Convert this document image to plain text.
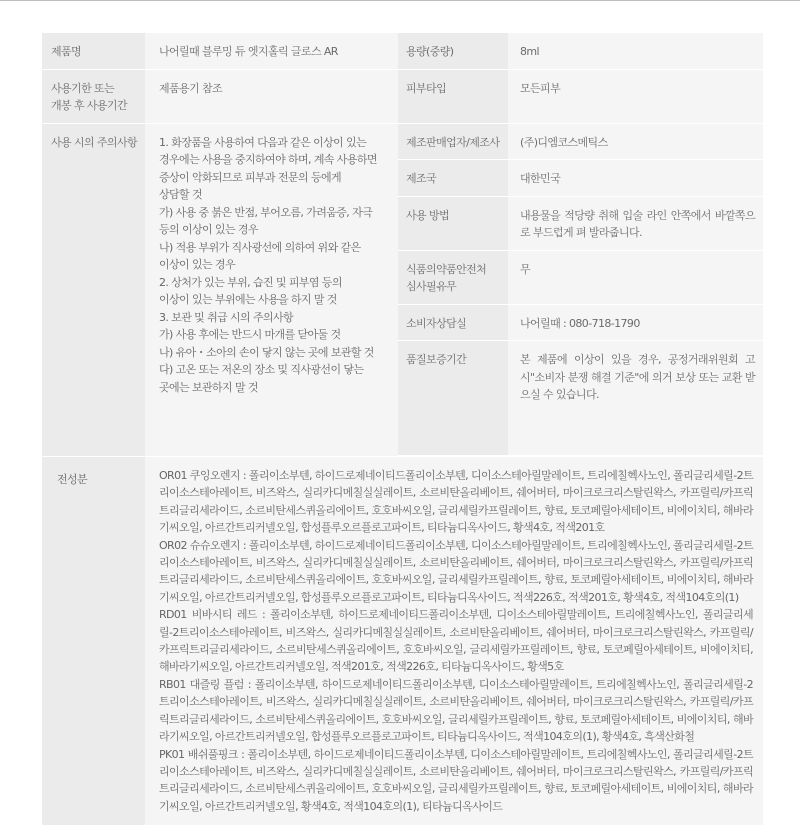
제품명	나어릴때 블루밍 듀 엣지홀릭 글로스 AR	용량(중량)	8ml

사용기한 또는
개봉 후 사용기간
	제품용기 참조	피부타입	모든피부
사용 시의 주의사항	1. 화장품을 사용하여 다음과 같은 이상이 있는
경우에는 사용을 중지하여야 하며, 계속 사용하면
증상이 악화되므로 피부과 전문의 등에게
상담할 것
가) 사용 중 붉은 반점, 부어오름, 가려움증, 자극
등의 이상이 있는 경우
나) 적용 부위가 직사광선에 의하여 위와 같은
이상이 있는 경우
2. 상처가 있는 부위, 습진 및 피부염 등의
이상이 있는 부위에는 사용을 하지 말 것
3. 보관 및 취급 시의 주의사항
가) 사용 후에는 반드시 마개를 닫아둘 것
나) 유아・소아의 손이 닿지 않는 곳에 보관할 것
다) 고온 또는 저온의 장소 및 직사광선이 닿는
곳에는 보관하지 말 것

제조판매업자/제조사	(주)디엠코스메틱스
제조국	대한민국
사용 방법	내용물을 적당량 취해 입술 라인 안쪽에서 바깥쪽으로 부드럽게 펴 발라줍니다.

식품의약품안전처
심사필유무
	무
소비자상담실	나어릴때 : 080-718-1790
품질보증기간	본 제품에 이상이 있을 경우, 공정거래위원회 고시"소비자 분쟁 해결 기준"에 의거 보상 또는 교환 받으실 수 있습니다.

전성분	OR01 쿠잉오렌지 : 폴리이소부텐, 하이드로제네이티드폴리이소부텐, 디이소스테아릴말레이트, 트리에칠헥사노인, 폴리글리세릴-2트리이소스테아레이트, 비즈왁스, 실리카디메칠실실레이트, 소르비탄올리베이트, 쉐어버터, 마이크로크리스탈린왁스, 카프릴릭/카프릭트리글리세라이드, 소르비탄세스퀴올리에이트, 호호바씨오일, 글리세릴카프릴레이트, 향료, 토코페릴아세테이트, 비에이치티, 해바라기씨오일, 아르간트리커넬오일, 합성플루오르플로고파이트, 티타늄디옥사이드, 황색4호, 적색201호
OR02 슈슈오렌지 : 폴리이소부텐, 하이드로제네이티드폴리이소부텐, 디이소스테아릴말레이트, 트리에칠헥사노인, 폴리글리세릴-2트리이소스테아레이트, 비즈왁스, 실리카디메칠실실레이트, 소르비탄올리베이트, 쉐어버터, 마이크로크리스탈린왁스, 카프릴릭/카프릭트리글리세라이드, 소르비탄세스퀴올리에이트, 호호바씨오일, 글리세릴카프릴레이트, 향료, 토코페릴아세테이트, 비에이치티, 해바라기씨오일, 아르간트리커넬오일, 합성플루오르플로고파이트, 티타늄디옥사이드, 적색226호, 적색201호, 황색4호, 적색104호의(1)
RD01 비바시티 레드 : 폴리이소부텐, 하이드로제네이티드폴리이소부텐, 디이소스테아릴말레이트, 트리에칠헥사노인, 폴리글리세릴-2트리이소스테아레이트, 비즈왁스, 실리카디메칠실실레이트, 소르비탄올리베이트, 쉐어버터, 마이크로크리스탈린왁스, 카프릴릭/카프릭트리글리세라이드, 소르비탄세스퀴올리에이트, 호호바씨오일, 글리세릴카프릴레이트, 향료, 토코페릴아세테이트, 비에이치티, 해바라기씨오일, 아르간트리커넬오일, 적색201호, 적색226호, 티타늄디옥사이드, 황색5호
RB01 대즐링 플럼 : 폴리이소부텐, 하이드로제네이티드폴리이소부텐, 디이소스테아릴말레이트, 트리에칠헥사노인, 폴리글리세릴-2트리이소스테아레이트, 비즈왁스, 실리카디메칠실실레이트, 소르비탄올리베이트, 쉐어버터, 마이크로크리스탈린왁스, 카프릴릭/카프릭트리글리세라이드, 소르비탄세스퀴올리에이트, 호호바씨오일, 글리세릴카프릴레이트, 향료, 토코페릴아세테이트, 비에이치티, 해바라기씨오일, 아르간트리커넬오일, 합성플루오르플로고파이트, 티타늄디옥사이드, 적색104호의(1), 황색4호, 흑색산화철
PK01 배쉬풀핑크 : 폴리이소부텐, 하이드로제네이티드폴리이소부텐, 디이소스테아릴말레이트, 트리에칠헥사노인, 폴리글리세릴-2트리이소스테아레이트, 비즈왁스, 실리카디메칠실실레이트, 소르비탄올리베이트, 쉐어버터, 마이크로크리스탈린왁스, 카프릴릭/카프릭트리글리세라이드, 소르비탄세스퀴올리에이트, 호호바씨오일, 글리세릴카프릴레이트, 향료, 토코페릴아세테이트, 비에이치티, 해바라기씨오일, 아르간트리커넬오일, 황색4호, 적색104호의(1), 티타늄디옥사이드
